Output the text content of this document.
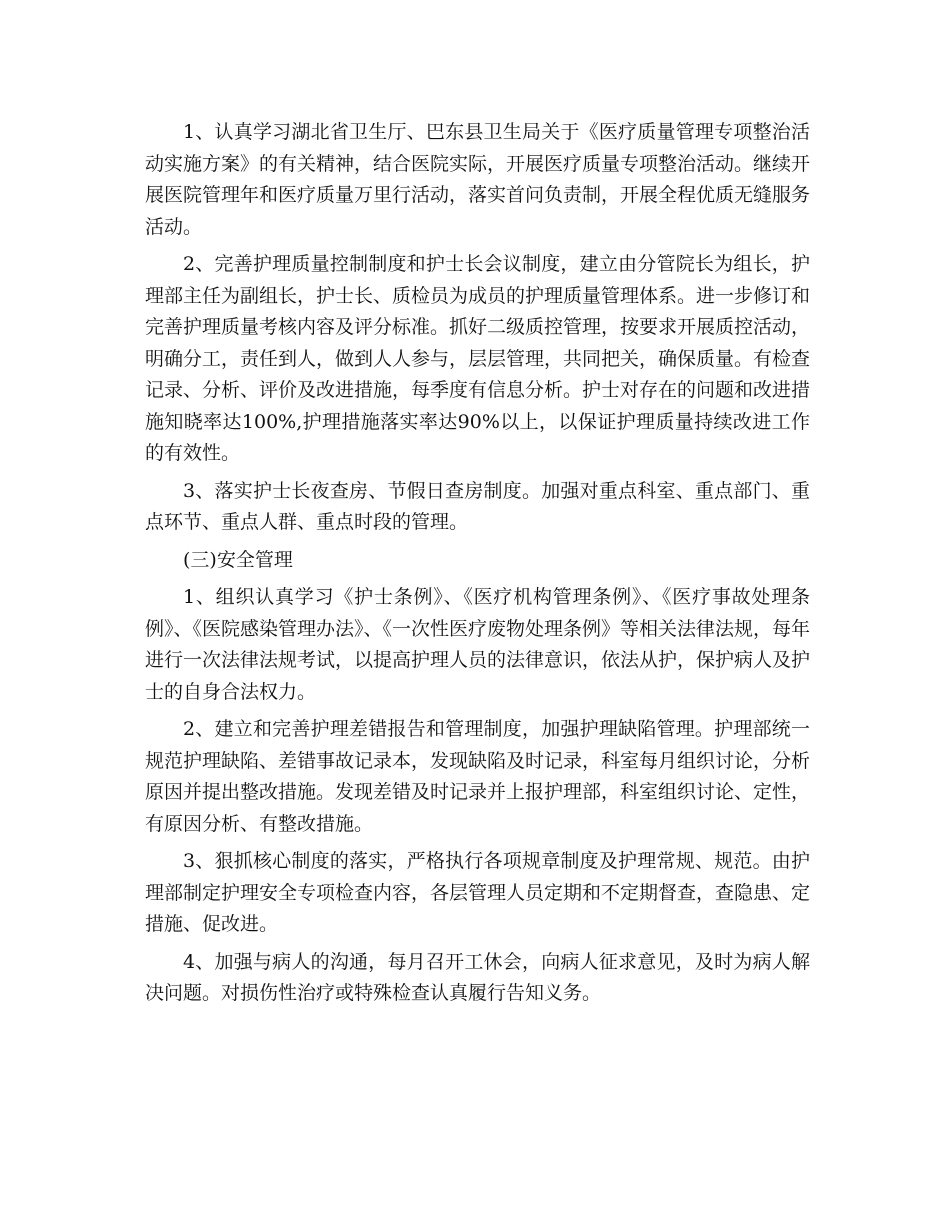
1、认真学习湖北省卫生厅、巴东县卫生局关于《医疗质量管理专项整治活动实施方案》的有关精神，结合医院实际，开展医疗质量专项整治活动。继续开展医院管理年和医疗质量万里行活动，落实首问负责制，开展全程优质无缝服务活动。

2、完善护理质量控制制度和护士长会议制度，建立由分管院长为组长，护理部主任为副组长，护士长、质检员为成员的护理质量管理体系。进一步修订和完善护理质量考核内容及评分标准。抓好二级质控管理，按要求开展质控活动，明确分工，责任到人，做到人人参与，层层管理，共同把关，确保质量。有检查记录、分析、评价及改进措施，每季度有信息分析。护士对存在的问题和改进措施知晓率达100%,护理措施落实率达90%以上，以保证护理质量持续改进工作的有效性。

3、落实护士长夜查房、节假日查房制度。加强对重点科室、重点部门、重点环节、重点人群、重点时段的管理。

(三)安全管理

1、组织认真学习《护士条例》、《医疗机构管理条例》、《医疗事故处理条例》、《医院感染管理办法》、《一次性医疗废物处理条例》等相关法律法规，每年进行一次法律法规考试，以提高护理人员的法律意识，依法从护，保护病人及护士的自身合法权力。

2、建立和完善护理差错报告和管理制度，加强护理缺陷管理。护理部统一规范护理缺陷、差错事故记录本，发现缺陷及时记录，科室每月组织讨论，分析原因并提出整改措施。发现差错及时记录并上报护理部，科室组织讨论、定性，有原因分析、有整改措施。

3、狠抓核心制度的落实，严格执行各项规章制度及护理常规、规范。由护理部制定护理安全专项检查内容，各层管理人员定期和不定期督查，查隐患、定措施、促改进。

4、加强与病人的沟通，每月召开工休会，向病人征求意见，及时为病人解决问题。对损伤性治疗或特殊检查认真履行告知义务。
